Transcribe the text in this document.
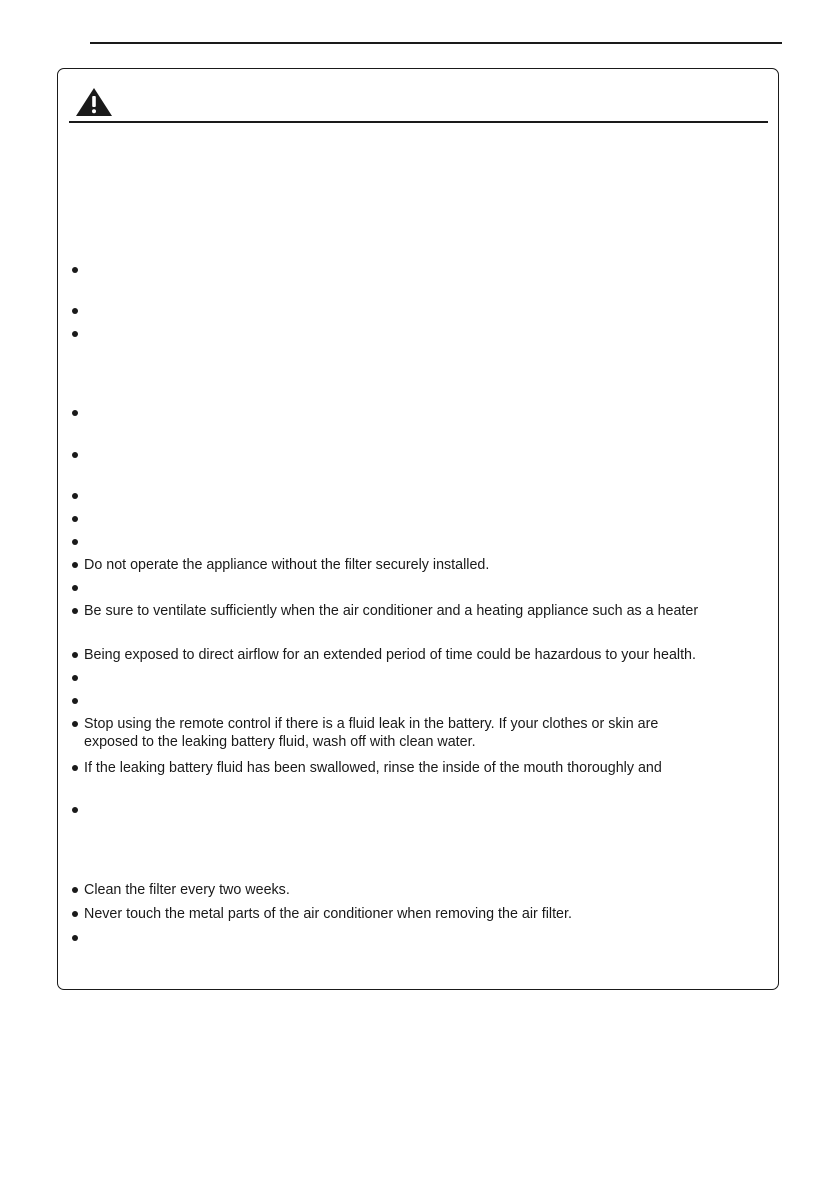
Do not operate the appliance without the filter securely installed.
Be sure to ventilate sufficiently when the air conditioner and a heating appliance such as a heater
Being exposed to direct airflow for an extended period of time could be hazardous to your health.
Stop using the remote control if there is a fluid leak in the battery. If your clothes or skin are
exposed to the leaking battery fluid, wash off with clean water.
If the leaking battery fluid has been swallowed, rinse the inside of the mouth thoroughly and
Clean the filter every two weeks.
Never touch the metal parts of the air conditioner when removing the air filter.
